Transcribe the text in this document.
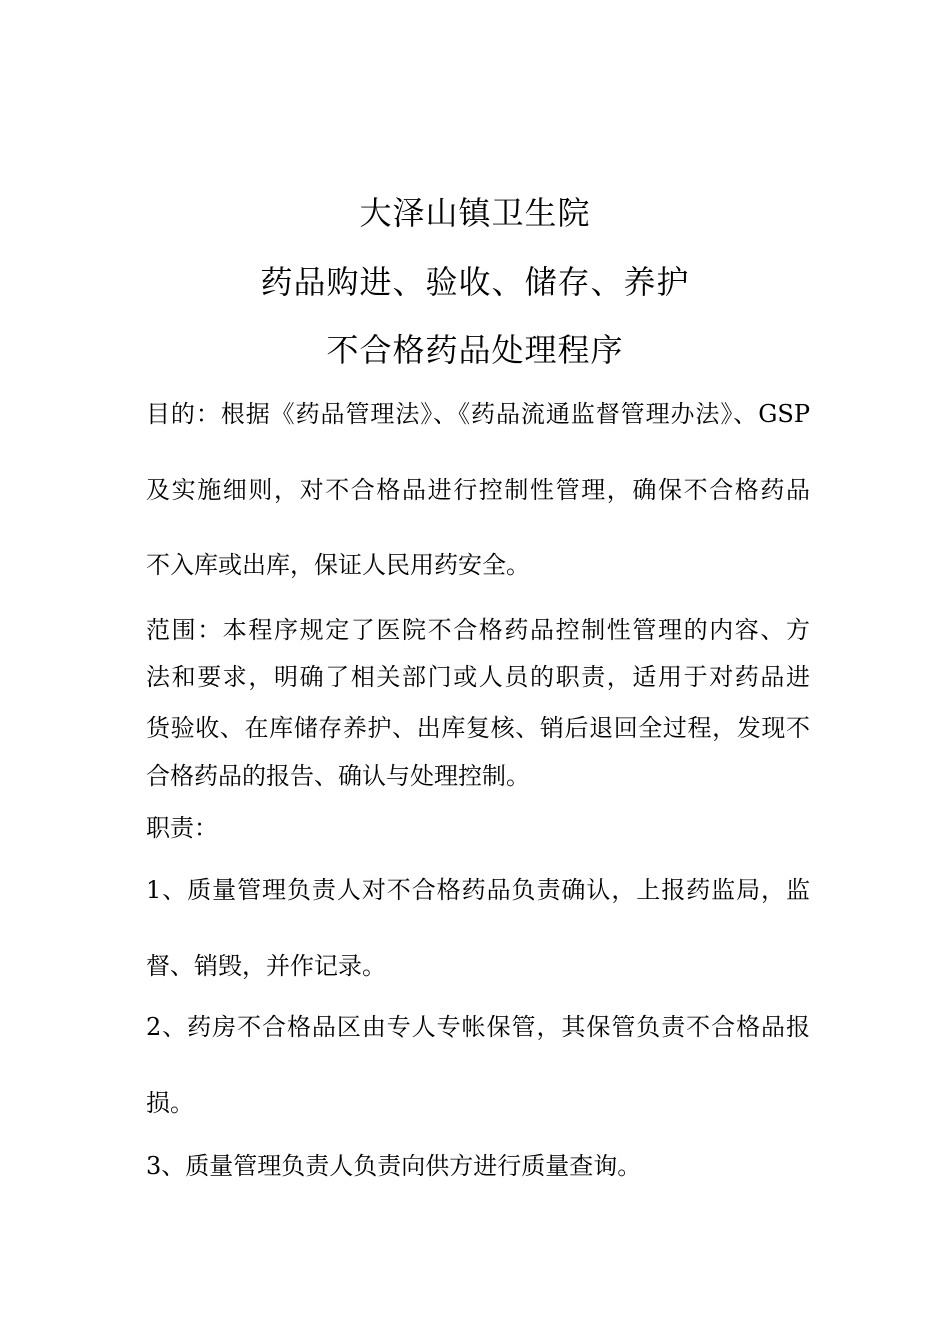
大泽山镇卫生院
药品购进、验收、储存、养护
不合格药品处理程序
目的：根据《药品管理法》、《药品流通监督管理办法》、GSP
及实施细则，对不合格品进行控制性管理，确保不合格药品
不入库或出库，保证人民用药安全。
范围：本程序规定了医院不合格药品控制性管理的内容、方
法和要求，明确了相关部门或人员的职责，适用于对药品进
货验收、在库储存养护、出库复核、销后退回全过程，发现不
合格药品的报告、确认与处理控制。
职责：
1、质量管理负责人对不合格药品负责确认，上报药监局，监
督、销毁，并作记录。
2、药房不合格品区由专人专帐保管，其保管负责不合格品报
损。
3、质量管理负责人负责向供方进行质量查询。
